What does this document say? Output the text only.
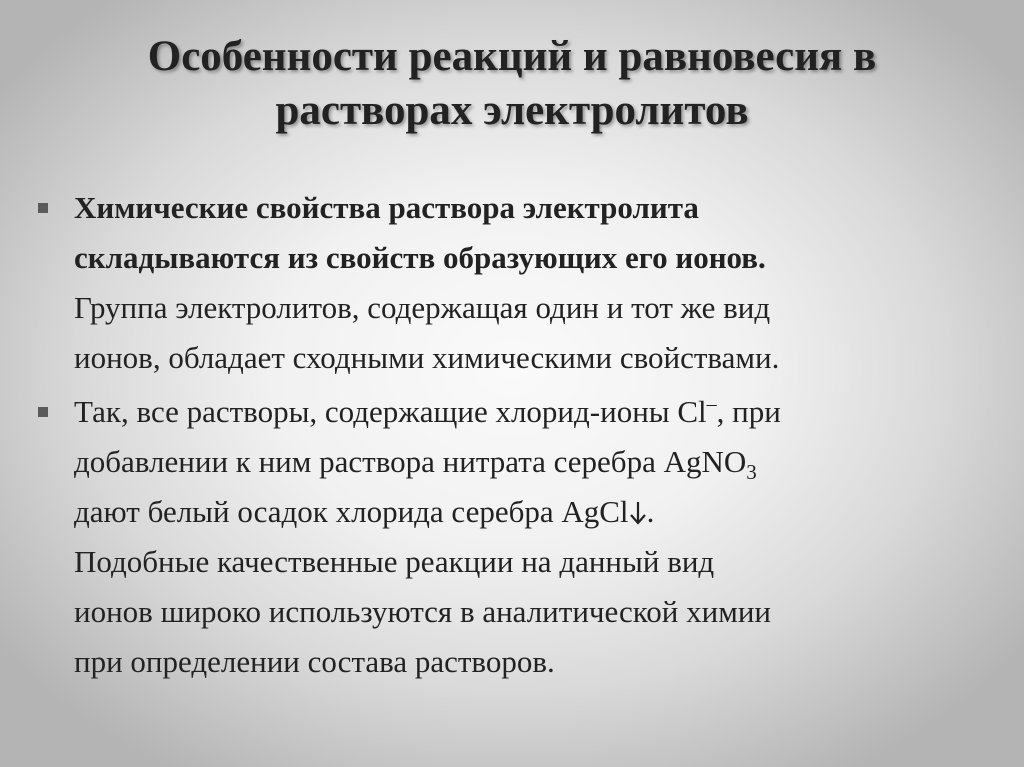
Особенности реакций и равновесия в
растворах электролитов
Химические свойства раствора электролита
складываются из свойств образующих его ионов.
Группа электролитов, содержащая один и тот же вид
ионов, обладает сходными химическими свойствами.
Так, все растворы, содержащие хлорид-ионы Cl–, при
добавлении к ним раствора нитрата серебра AgNO$_3$
дают белый осадок хлорида серебра AgCl .
Подобные качественные реакции на данный вид
ионов широко используются в аналитической химии
при определении состава растворов.
